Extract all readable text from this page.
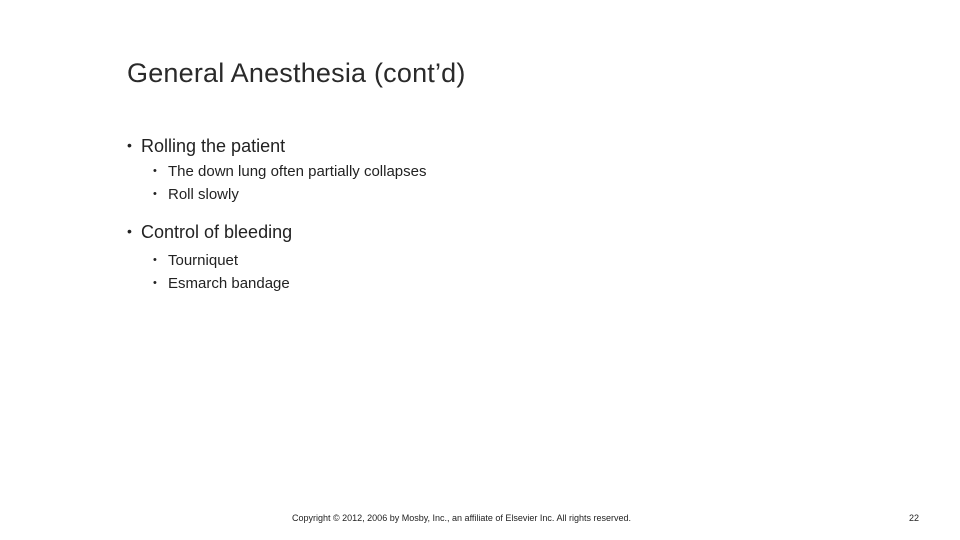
General Anesthesia (cont’d)
• Rolling the patient
• The down lung often partially collapses
• Roll slowly
• Control of bleeding
• Tourniquet
• Esmarch bandage
Copyright © 2012, 2006 by Mosby, Inc., an affiliate of Elsevier Inc. All rights reserved.	22
